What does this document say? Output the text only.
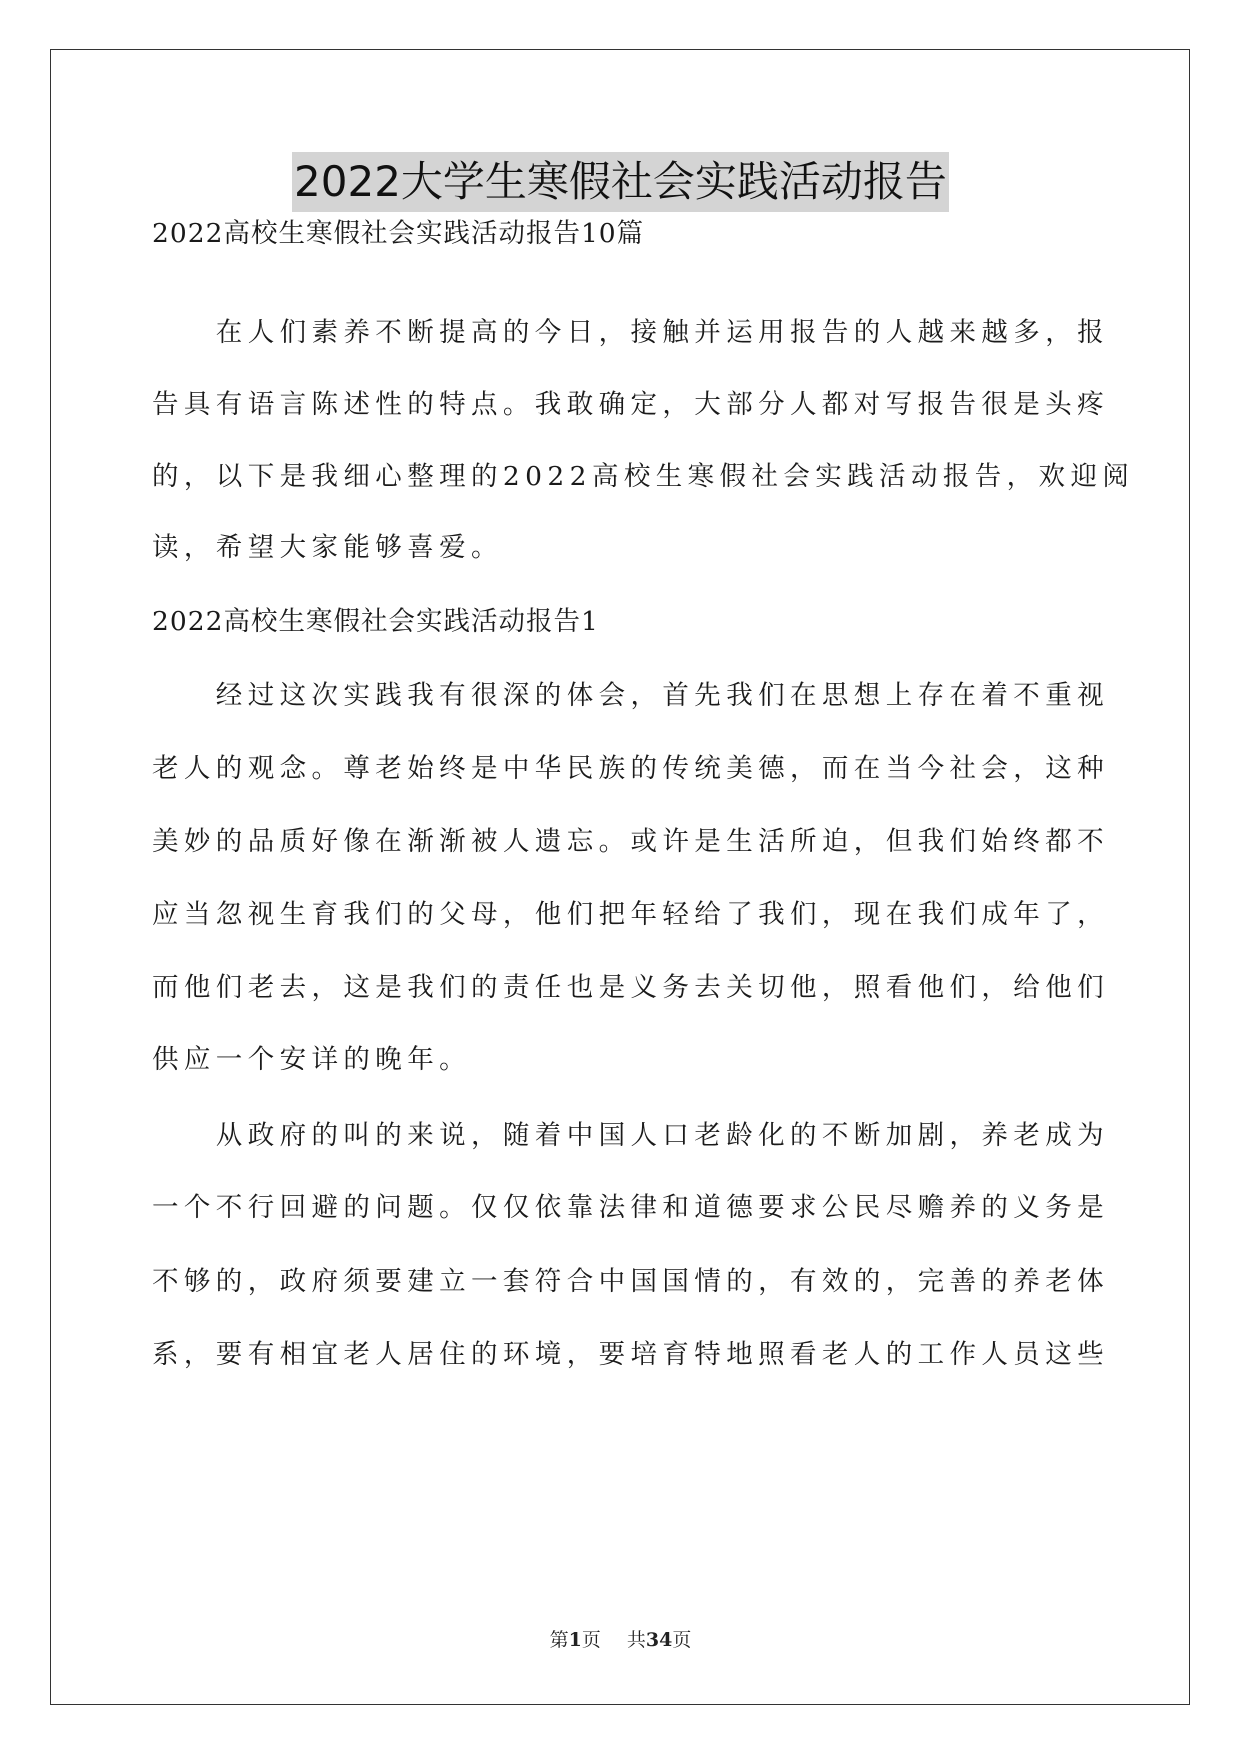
2022大学生寒假社会实践活动报告
2022高校生寒假社会实践活动报告10篇
　　在人们素养不断提高的今日，接触并运用报告的人越来越多，报
告具有语言陈述性的特点。我敢确定，大部分人都对写报告很是头疼
的，以下是我细心整理的2022高校生寒假社会实践活动报告，欢迎阅
读，希望大家能够喜爱。
2022高校生寒假社会实践活动报告1
　　经过这次实践我有很深的体会，首先我们在思想上存在着不重视
老人的观念。尊老始终是中华民族的传统美德，而在当今社会，这种
美妙的品质好像在渐渐被人遗忘。或许是生活所迫，但我们始终都不
应当忽视生育我们的父母，他们把年轻给了我们，现在我们成年了，
而他们老去，这是我们的责任也是义务去关切他，照看他们，给他们
供应一个安详的晚年。
　　从政府的叫的来说，随着中国人口老龄化的不断加剧，养老成为
一个不行回避的问题。仅仅依靠法律和道德要求公民尽赡养的义务是
不够的，政府须要建立一套符合中国国情的，有效的，完善的养老体
系，要有相宜老人居住的环境，要培育特地照看老人的工作人员这些
第1页 共34页
